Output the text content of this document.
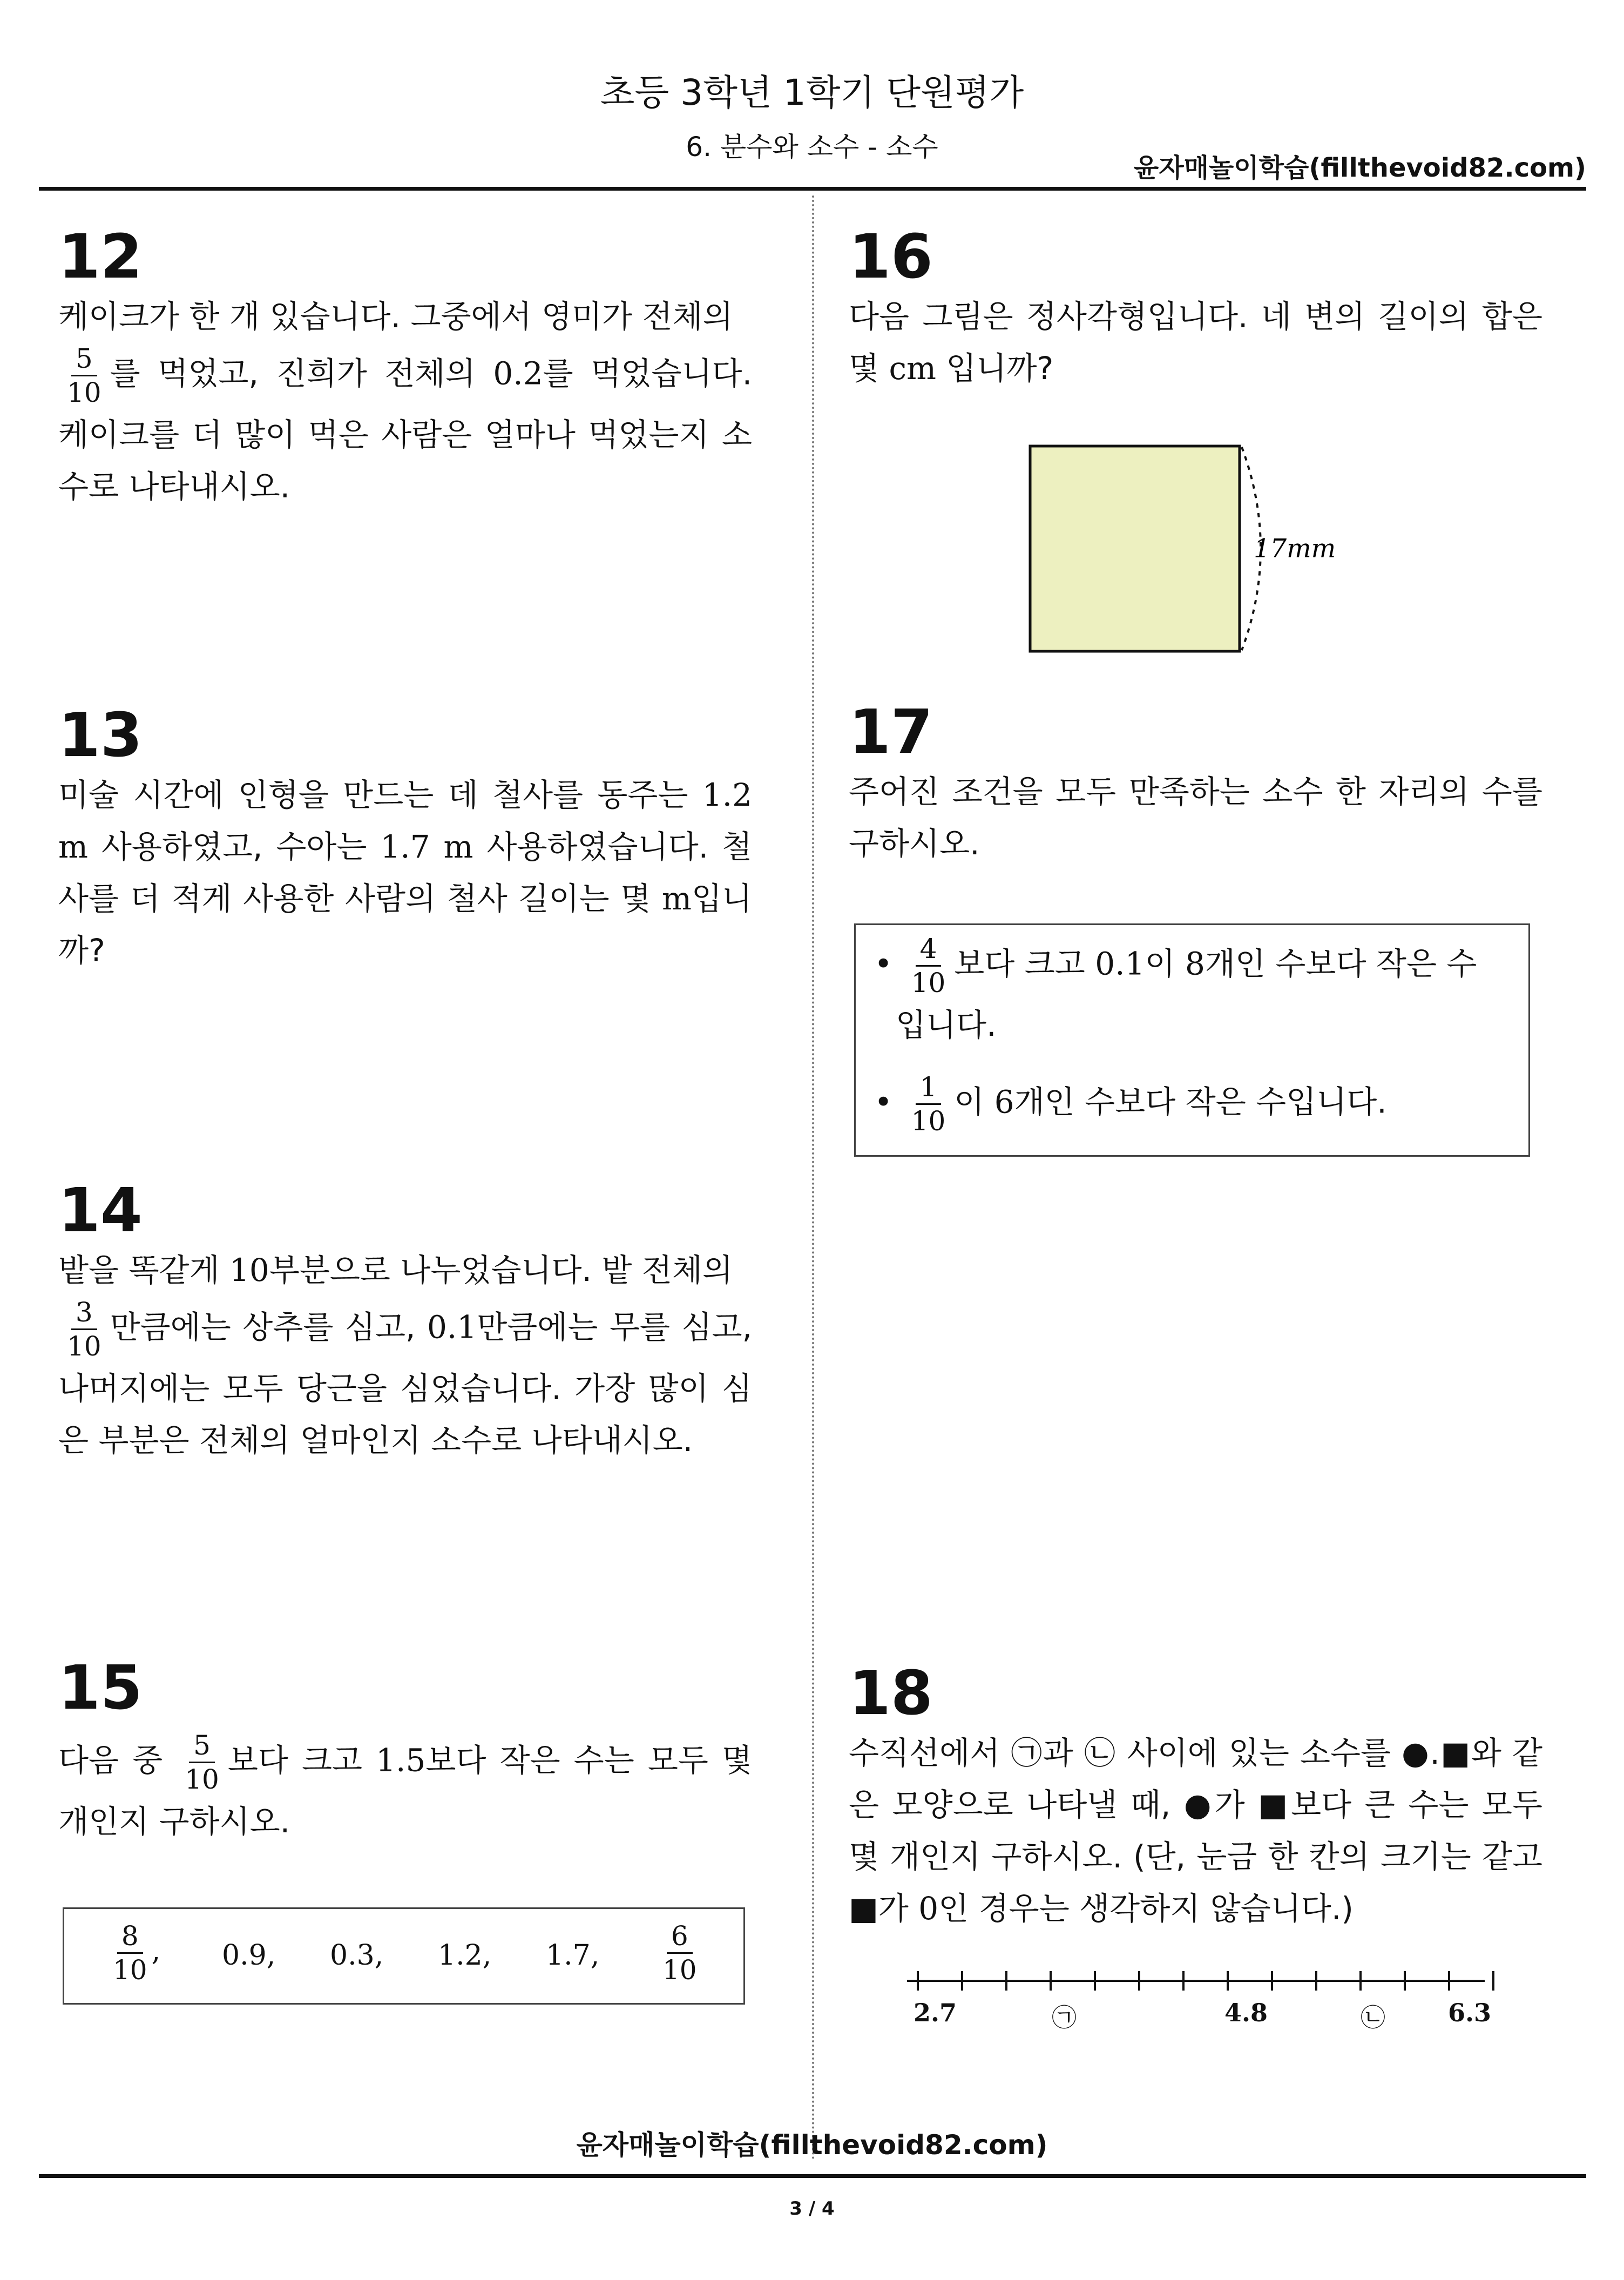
초등 3학년 1학기 단원평가
6. 분수와 소수 - 소수
윤자매놀이학습(fillthevoid82.com)
12
케이크가 한 개 있습니다. 그중에서 영미가 전체의

$\frac{5}{10}$ 를 먹었고, 진희가 전체의 0.2를 먹었습니다. 케이크를 더 많이 먹은 사람은 얼마나 먹었는지 소수로 나타내시오.
13
미술 시간에 인형을 만드는 데 철사를 동주는 1.2 m 사용하였고, 수아는 1.7 m 사용하였습니다. 철사를 더 적게 사용한 사람의 철사 길이는 몇 m입니까?
14
밭을 똑같게 10부분으로 나누었습니다. 밭 전체의

$\frac{3}{10}$ 만큼에는 상추를 심고, 0.1만큼에는 무를 심고, 나머지에는 모두 당근을 심었습니다. 가장 많이 심은 부분은 전체의 얼마인지 소수로 나타내시오.
15
다음 중 $\frac{5}{10}$ 보다 크고 1.5보다 작은 수는 모두 몇 개인지 구하시오.
$\frac{8}{10}$ , 0.9, 0.3, 1.2, 1.7, $\frac{6}{10}$
16
다음 그림은 정사각형입니다. 네 변의 길이의 합은 몇 cm 입니까?
17mm
17
주어진 조건을 모두 만족하는 소수 한 자리의 수를 구하시오.
• $\frac{4}{10}$ 보다 크고 0.1이 8개인 수보다 작은 수
입니다.
• $\frac{1}{10}$ 이 6개인 수보다 작은 수입니다.
18
수직선에서 ㉠과 ㉡ 사이에 있는 소수를 ●.■와 같은 모양으로 나타낼 때, ●가 ■보다 큰 수는 모두 몇 개인지 구하시오. (단, 눈금 한 칸의 크기는 같고 ■가 0인 경우는 생각하지 않습니다.)
2.7	㉠	4.8	㉡	6.3
윤자매놀이학습(fillthevoid82.com)
3 / 4
